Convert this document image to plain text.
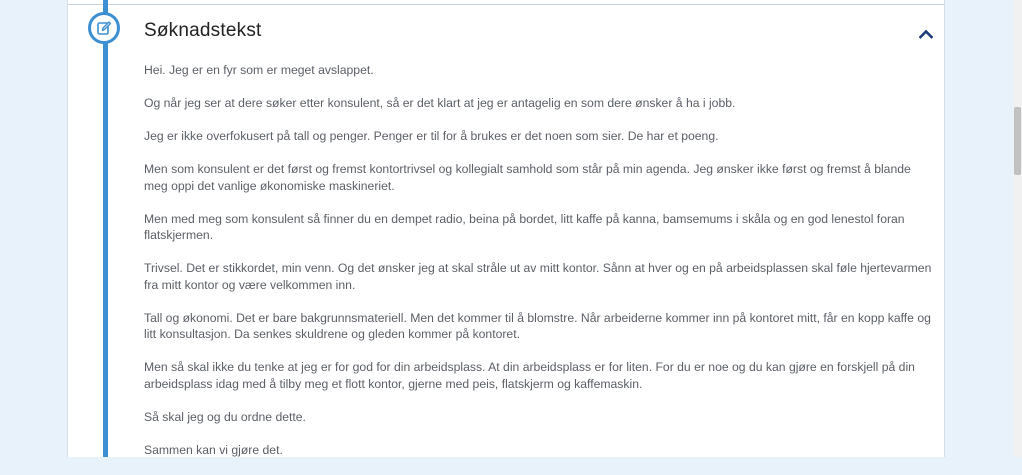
Søknadstekst

Hei. Jeg er en fyr som er meget avslappet.

Og når jeg ser at dere søker etter konsulent, så er det klart at jeg er antagelig en som dere ønsker å ha i jobb.

Jeg er ikke overfokusert på tall og penger. Penger er til for å brukes er det noen som sier. De har et poeng.

Men som konsulent er det først og fremst kontortrivsel og kollegialt samhold som står på min agenda. Jeg ønsker ikke først og fremst å blande meg oppi det vanlige økonomiske maskineriet.

Men med meg som konsulent så finner du en dempet radio, beina på bordet, litt kaffe på kanna, bamsemums i skåla og en god lenestol foran flatskjermen.

Trivsel. Det er stikkordet, min venn. Og det ønsker jeg at skal stråle ut av mitt kontor. Sånn at hver og en på arbeidsplassen skal føle hjertevarmen fra mitt kontor og være velkommen inn.

Tall og økonomi. Det er bare bakgrunnsmateriell. Men det kommer til å blomstre. Når arbeiderne kommer inn på kontoret mitt, får en kopp kaffe og litt konsultasjon. Da senkes skuldrene og gleden kommer på kontoret.

Men så skal ikke du tenke at jeg er for god for din arbeidsplass. At din arbeidsplass er for liten. For du er noe og du kan gjøre en forskjell på din arbeidsplass idag med å tilby meg et flott kontor, gjerne med peis, flatskjerm og kaffemaskin.

Så skal jeg og du ordne dette.

Sammen kan vi gjøre det.
